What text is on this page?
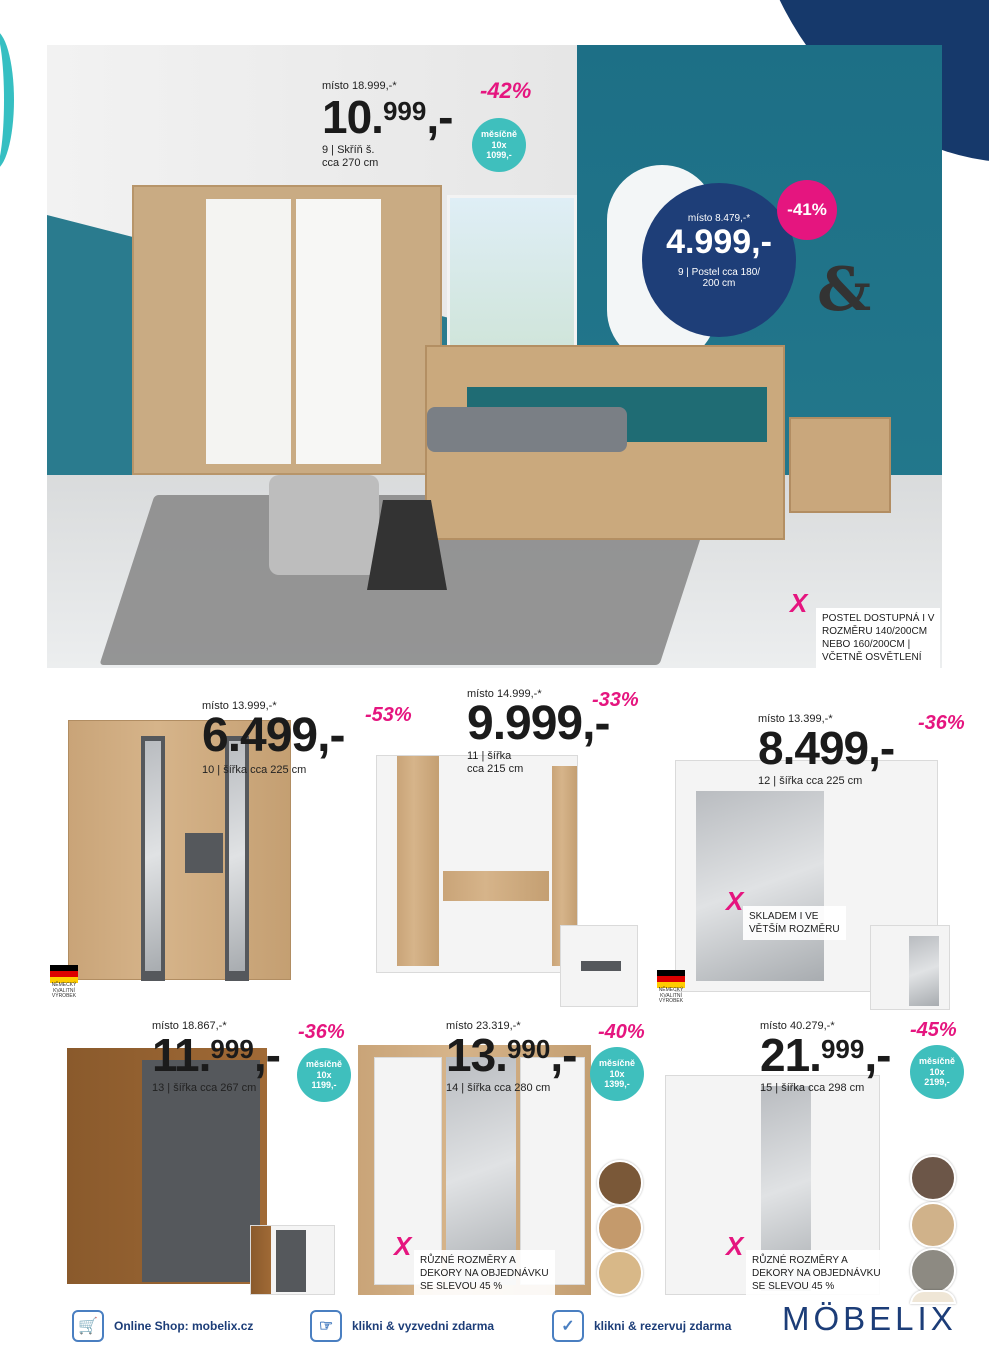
&
místo 18.999,-*
10.$^{999}$,-
9 | Skříň š.
cca 270 cm
-42%
měsíčně
10x
1099,-
místo 8.479,-*
4.999,-
9 | Postel cca 180/
200 cm
-41%
X
POSTEL DOSTUPNÁ I V
ROZMĚRU 140/200CM
NEBO 160/200CM |
VČETNĚ OSVĚTLENÍ
NĚMECKÝ
KVALITNÍ
VÝROBEK
místo 13.999,-*
6.499,-
10 | šířka cca 225 cm
-53%
místo 14.999,-*
9.999,-
11 | šířka
cca 215 cm
-33%
NĚMECKÝ
KVALITNÍ
VÝROBEK
místo 13.399,-*
8.499,-
12 | šířka cca 225 cm
-36%
X
SKLADEM I VE
VĚTŠÍM ROZMĚRU
místo 18.867,-*
11.$^{999}$,-
13 | šířka cca 267 cm
-36%
měsíčně
10x
1199,-
místo 23.319,-*
13.$^{990}$,-
14 | šířka cca 280 cm
-40%
měsíčně
10x
1399,-
X RŮZNÉ ROZMĚRY A
DEKORY NA OBJEDNÁVKU
SE SLEVOU 45 %
místo 40.279,-*
21.$^{999}$,-
15 | šířka cca 298 cm
-45%
měsíčně
10x
2199,-
X RŮZNÉ ROZMĚRY A
DEKORY NA OBJEDNÁVKU
SE SLEVOU 45 %
🛒	Online Shop:
mobelix.cz	☞	klikni & vyzvedni zdarma	✓	klikni & rezervuj zdarma MÖBELIX
